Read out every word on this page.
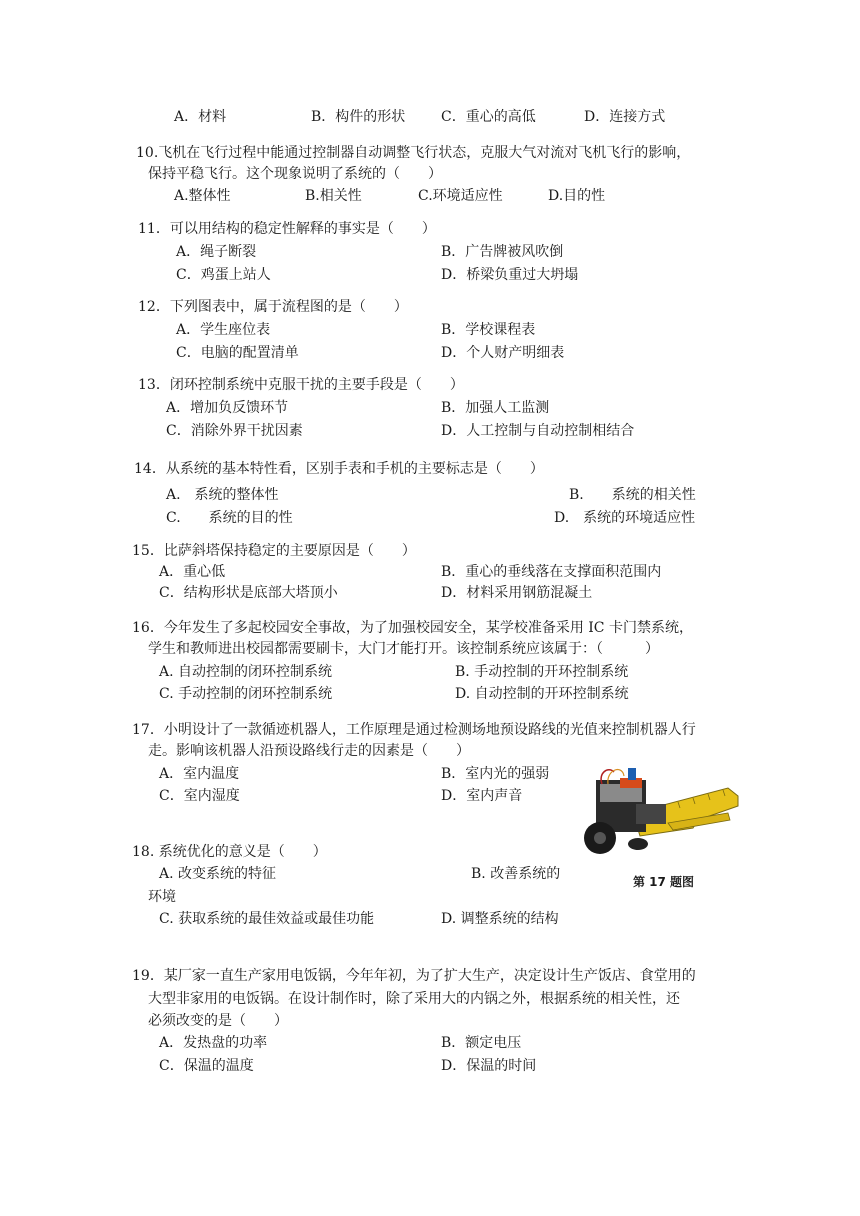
A．材料	B．构件的形状	C．重心的高低	D．连接方式
10.飞机在飞行过程中能通过控制器自动调整飞行状态，克服大气对流对飞机飞行的影响，
保持平稳飞行。这个现象说明了系统的（　　）
A.整体性	B.相关性	C.环境适应性	D.目的性
11．可以用结构的稳定性解释的事实是（　　）
A．绳子断裂	B．广告牌被风吹倒
C．鸡蛋上站人	D．桥梁负重过大坍塌
12．下列图表中，属于流程图的是（　　）
A．学生座位表	B．学校课程表
C．电脑的配置清单	D．个人财产明细表
13．闭环控制系统中克服干扰的主要手段是（　　）
A．增加负反馈环节	B．加强人工监测
C．消除外界干扰因素	D．人工控制与自动控制相结合
14．从系统的基本特性看，区别手表和手机的主要标志是（　　）
A.　系统的整体性	B.　　系统的相关性
C.　　系统的目的性	D.　系统的环境适应性
15．比萨斜塔保持稳定的主要原因是（　　）
A．重心低	B．重心的垂线落在支撑面积范围内
C．结构形状是底部大塔顶小	D．材料采用钢筋混凝土
16．今年发生了多起校园安全事故，为了加强校园安全，某学校准备采用 IC 卡门禁系统，
学生和教师进出校园都需要刷卡，大门才能打开。该控制系统应该属于：（　　　）
A. 自动控制的闭环控制系统	B. 手动控制的开环控制系统
C. 手动控制的闭环控制系统	D. 自动控制的开环控制系统
17．小明设计了一款循迹机器人，工作原理是通过检测场地预设路线的光值来控制机器人行
走。影响该机器人沿预设路线行走的因素是（　　）
A．室内温度	B．室内光的强弱
C．室内湿度	D．室内声音
第 17 题图
18. 系统优化的意义是（　　）
A. 改变系统的特征	B. 改善系统的
环境
C. 获取系统的最佳效益或最佳功能	D. 调整系统的结构
19．某厂家一直生产家用电饭锅，今年年初，为了扩大生产，决定设计生产饭店、食堂用的
大型非家用的电饭锅。在设计制作时，除了采用大的内锅之外，根据系统的相关性，还
必须改变的是（　　）
A．发热盘的功率	B．额定电压
C．保温的温度	D．保温的时间
